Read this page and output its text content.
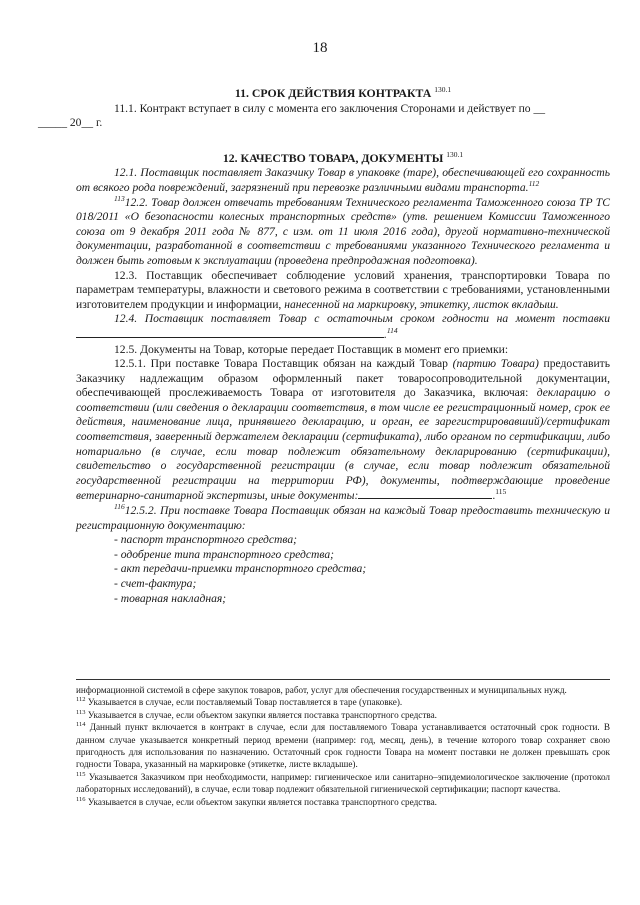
18
11. СРОК ДЕЙСТВИЯ КОНТРАКТА $^{130.1}$

11.1. Контракт вступает в силу с момента его заключения Сторонами и действует по __
_____ 20__ г.

12. КАЧЕСТВО ТОВАРА, ДОКУМЕНТЫ $^{130.1}$

12.1. Поставщик поставляет Заказчику Товар в упаковке (таре), обеспечивающей его сохранность от всякого рода повреждений, загрязнений при перевозке различными видами транспорта.$^{112}$

$^{113}$12.2. Товар должен отвечать требованиям Технического регламента Таможенного союза ТР ТС 018/2011 «О безопасности колесных транспортных средств» (утв. решением Комиссии Таможенного союза от 9 декабря 2011 года № 877, с изм. от 11 июля 2016 года), другой нормативно-технической документации, разработанной в соответствии с требованиями указанного Технического регламента и должен быть готовым к эксплуатации (проведена предпродажная подготовка).

12.3. Поставщик обеспечивает соблюдение условий хранения, транспортировки Товара по параметрам температуры, влажности и светового режима в соответствии с требованиями, установленными изготовителем продукции и информации, нанесенной на маркировку, этикетку, листок вкладыш.

12.4. Поставщик поставляет Товар с остаточным сроком годности на момент поставки .$^{114}$

12.5. Документы на Товар, которые передает Поставщик в момент его приемки:

12.5.1. При поставке Товара Поставщик обязан на каждый Товар (партию Товара) предоставить Заказчику надлежащим образом оформленный пакет товаросопроводительной документации, обеспечивающей прослеживаемость Товара от изготовителя до Заказчика, включая: декларацию о соответствии (или сведения о декларации соответствия, в том числе ее регистрационный номер, срок ее действия, наименование лица, принявшего декларацию, и орган, ее зарегистрировавший)/сертификат соответствия, заверенный держателем декларации (сертификата), либо органом по сертификации, либо нотариально (в случае, если товар подлежит обязательному декларированию (сертификации), свидетельство о государственной регистрации (в случае, если товар подлежит обязательной государственной регистрации на территории РФ), документы, подтверждающие проведение ветеринарно-санитарной экспертизы, иные документы:	.$^{115}$

$^{116}$12.5.2. При поставке Товара Поставщик обязан на каждый Товар предоставить техническую и регистрационную документацию:

- паспорт транспортного средства;
- одобрение типа транспортного средства;
- акт передачи-приемки транспортного средства;
- счет-фактура;
- товарная накладная;
информационной системой в сфере закупок товаров, работ, услуг для обеспечения государственных и муниципальных нужд.
$^{112}$ Указывается в случае, если поставляемый Товар поставляется в таре (упаковке).
$^{113}$ Указывается в случае, если объектом закупки является поставка транспортного средства.
$^{114}$ Данный пункт включается в контракт в случае, если для поставляемого Товара устанавливается остаточный срок годности. В данном случае указывается конкретный период времени (например: год, месяц, день), в течение которого товар сохраняет свою пригодность для использования по назначению. Остаточный срок годности Товара на момент поставки не должен превышать срок годности Товара, указанный на маркировке (этикетке, листе вкладыше).
$^{115}$ Указывается Заказчиком при необходимости, например: гигиеническое или санитарно–эпидемиологическое заключение (протокол лабораторных исследований), в случае, если товар подлежит обязательной гигиенической сертификации; паспорт качества.
$^{116}$ Указывается в случае, если объектом закупки является поставка транспортного средства.
